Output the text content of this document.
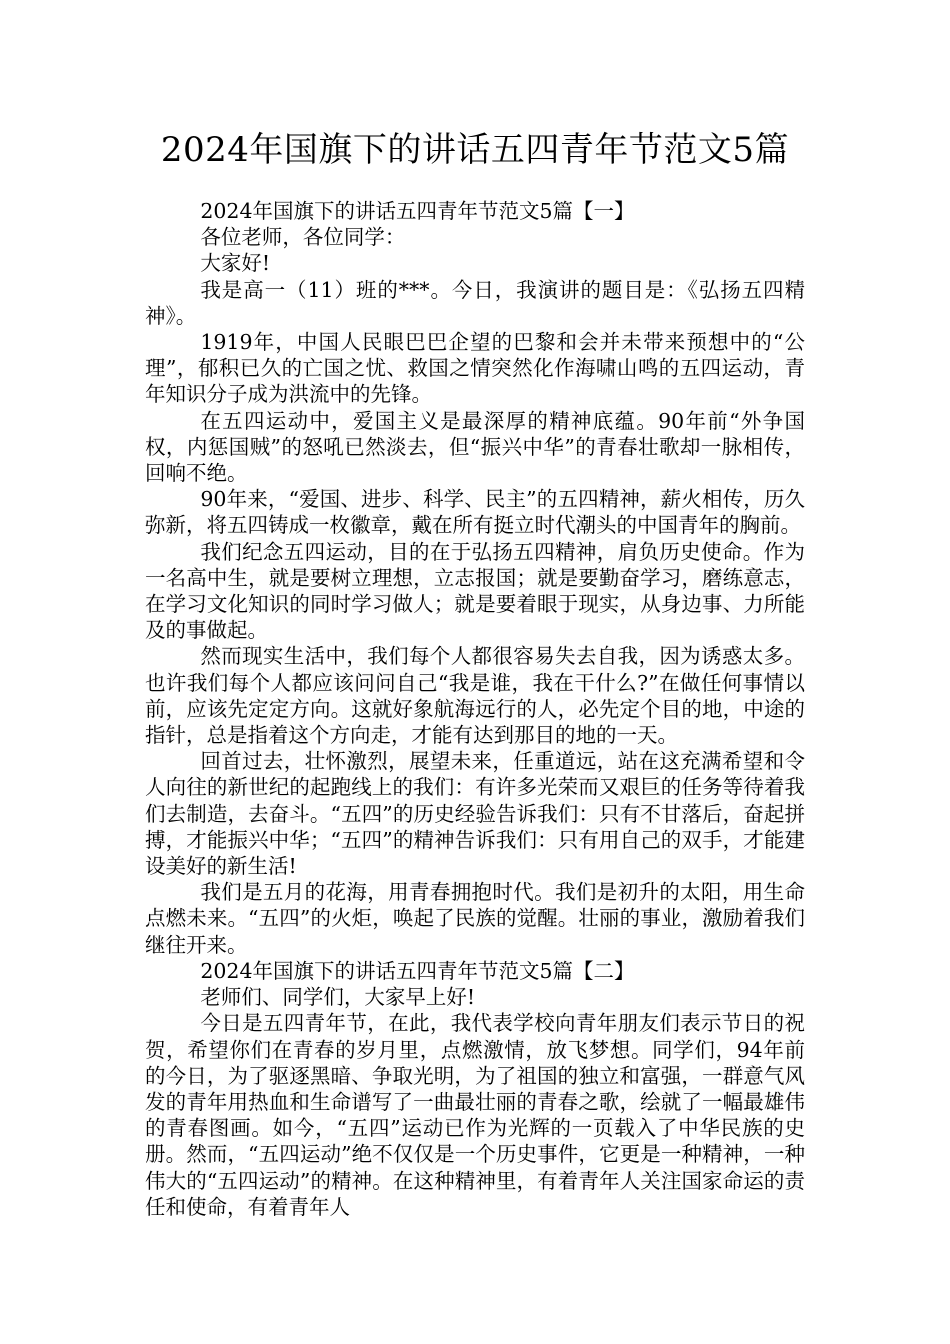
2024年国旗下的讲话五四青年节范文5篇

2024年国旗下的讲话五四青年节范文5篇【一】

各位老师，各位同学：

大家好!

我是高一（11）班的***。今日，我演讲的题目是：《弘扬五四精神》。

1919年，中国人民眼巴巴企望的巴黎和会并未带来预想中的“公理”，郁积已久的亡国之忧、救国之情突然化作海啸山鸣的五四运动，青年知识分子成为洪流中的先锋。

在五四运动中，爱国主义是最深厚的精神底蕴。90年前“外争国权，内惩国贼”的怒吼已然淡去，但“振兴中华”的青春壮歌却一脉相传，回响不绝。

90年来，“爱国、进步、科学、民主”的五四精神，薪火相传，历久弥新，将五四铸成一枚徽章，戴在所有挺立时代潮头的中国青年的胸前。

我们纪念五四运动，目的在于弘扬五四精神，肩负历史使命。作为一名高中生，就是要树立理想，立志报国；就是要勤奋学习，磨练意志，在学习文化知识的同时学习做人；就是要着眼于现实，从身边事、力所能及的事做起。

然而现实生活中，我们每个人都很容易失去自我，因为诱惑太多。也许我们每个人都应该问问自己“我是谁，我在干什么?”在做任何事情以前，应该先定定方向。这就好象航海远行的人，必先定个目的地，中途的指针，总是指着这个方向走，才能有达到那目的地的一天。

回首过去，壮怀激烈，展望未来，任重道远，站在这充满希望和令人向往的新世纪的起跑线上的我们：有许多光荣而又艰巨的任务等待着我们去制造，去奋斗。“五四”的历史经验告诉我们：只有不甘落后，奋起拼搏，才能振兴中华；“五四”的精神告诉我们：只有用自己的双手，才能建设美好的新生活!

我们是五月的花海，用青春拥抱时代。我们是初升的太阳，用生命点燃未来。“五四”的火炬，唤起了民族的觉醒。壮丽的事业，激励着我们继往开来。

2024年国旗下的讲话五四青年节范文5篇【二】

老师们、同学们，大家早上好!

今日是五四青年节，在此，我代表学校向青年朋友们表示节日的祝贺，希望你们在青春的岁月里，点燃激情，放飞梦想。同学们，94年前的今日，为了驱逐黑暗、争取光明，为了祖国的独立和富强，一群意气风发的青年用热血和生命谱写了一曲最壮丽的青春之歌，绘就了一幅最雄伟的青春图画。如今，“五四”运动已作为光辉的一页载入了中华民族的史册。然而，“五四运动”绝不仅仅是一个历史事件，它更是一种精神，一种伟大的“五四运动”的精神。在这种精神里，有着青年人关注国家命运的责任和使命，有着青年人
